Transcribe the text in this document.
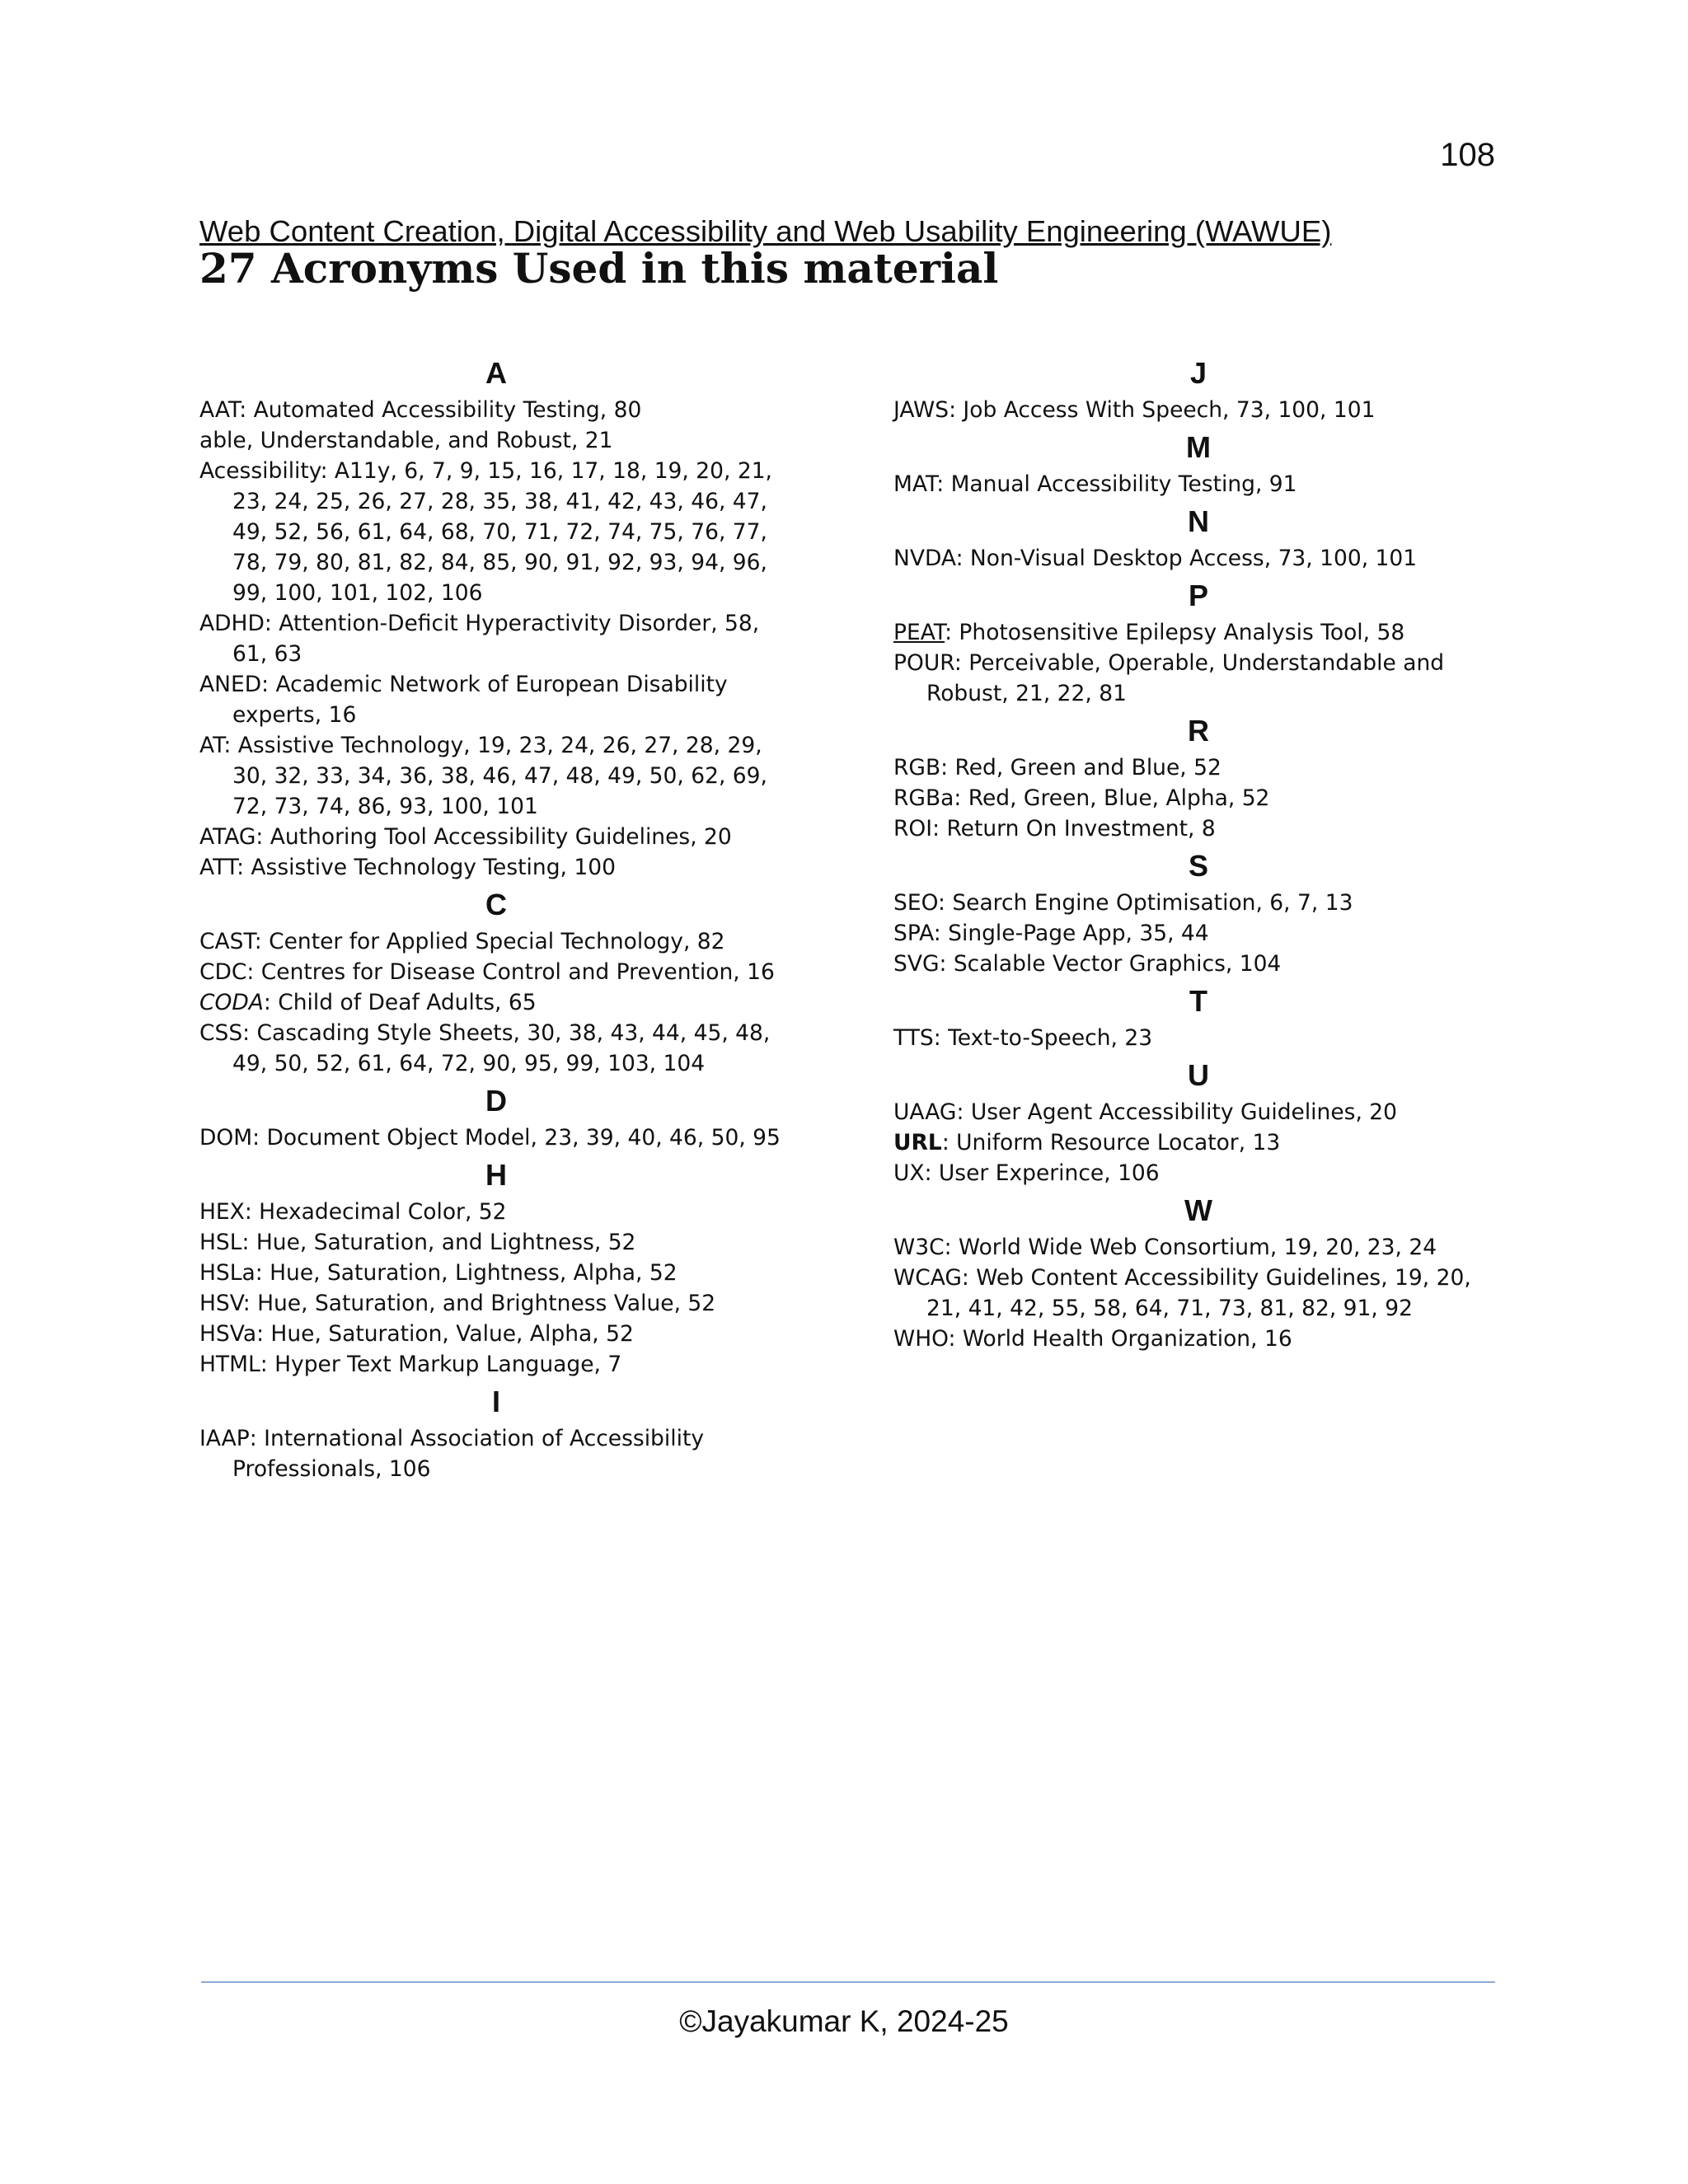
108
Web Content Creation, Digital Accessibility and Web Usability Engineering (WAWUE)
27 Acronyms Used in this material
A
AAT: Automated Accessibility Testing, 80
able, Understandable, and Robust, 21
Acessibility: A11y, 6, 7, 9, 15, 16, 17, 18, 19, 20, 21, 23, 24, 25, 26, 27, 28, 35, 38, 41, 42, 43, 46, 47, 49, 52, 56, 61, 64, 68, 70, 71, 72, 74, 75, 76, 77, 78, 79, 80, 81, 82, 84, 85, 90, 91, 92, 93, 94, 96, 99, 100, 101, 102, 106
ADHD: Attention-Deficit Hyperactivity Disorder, 58, 61, 63
ANED: Academic Network of European Disability experts, 16
AT: Assistive Technology, 19, 23, 24, 26, 27, 28, 29, 30, 32, 33, 34, 36, 38, 46, 47, 48, 49, 50, 62, 69, 72, 73, 74, 86, 93, 100, 101
ATAG: Authoring Tool Accessibility Guidelines, 20
ATT: Assistive Technology Testing, 100
C
CAST: Center for Applied Special Technology, 82
CDC: Centres for Disease Control and Prevention, 16
CODA: Child of Deaf Adults, 65
CSS: Cascading Style Sheets, 30, 38, 43, 44, 45, 48, 49, 50, 52, 61, 64, 72, 90, 95, 99, 103, 104
D
DOM: Document Object Model, 23, 39, 40, 46, 50, 95
H
HEX: Hexadecimal Color, 52
HSL: Hue, Saturation, and Lightness, 52
HSLa: Hue, Saturation, Lightness, Alpha, 52
HSV: Hue, Saturation, and Brightness Value, 52
HSVa: Hue, Saturation, Value, Alpha, 52
HTML: Hyper Text Markup Language, 7
I
IAAP: International Association of Accessibility Professionals, 106
J
JAWS: Job Access With Speech, 73, 100, 101
M
MAT: Manual Accessibility Testing, 91
N
NVDA: Non-Visual Desktop Access, 73, 100, 101
P
PEAT: Photosensitive Epilepsy Analysis Tool, 58
POUR: Perceivable, Operable, Understandable and Robust, 21, 22, 81
R
RGB: Red, Green and Blue, 52
RGBa: Red, Green, Blue, Alpha, 52
ROI: Return On Investment, 8
S
SEO: Search Engine Optimisation, 6, 7, 13
SPA: Single-Page App, 35, 44
SVG: Scalable Vector Graphics, 104
T
TTS: Text-to-Speech, 23
U
UAAG: User Agent Accessibility Guidelines, 20
URL: Uniform Resource Locator, 13
UX: User Experince, 106
W
W3C: World Wide Web Consortium, 19, 20, 23, 24
WCAG: Web Content Accessibility Guidelines, 19, 20, 21, 41, 42, 55, 58, 64, 71, 73, 81, 82, 91, 92
WHO: World Health Organization, 16
©Jayakumar K, 2024-25
